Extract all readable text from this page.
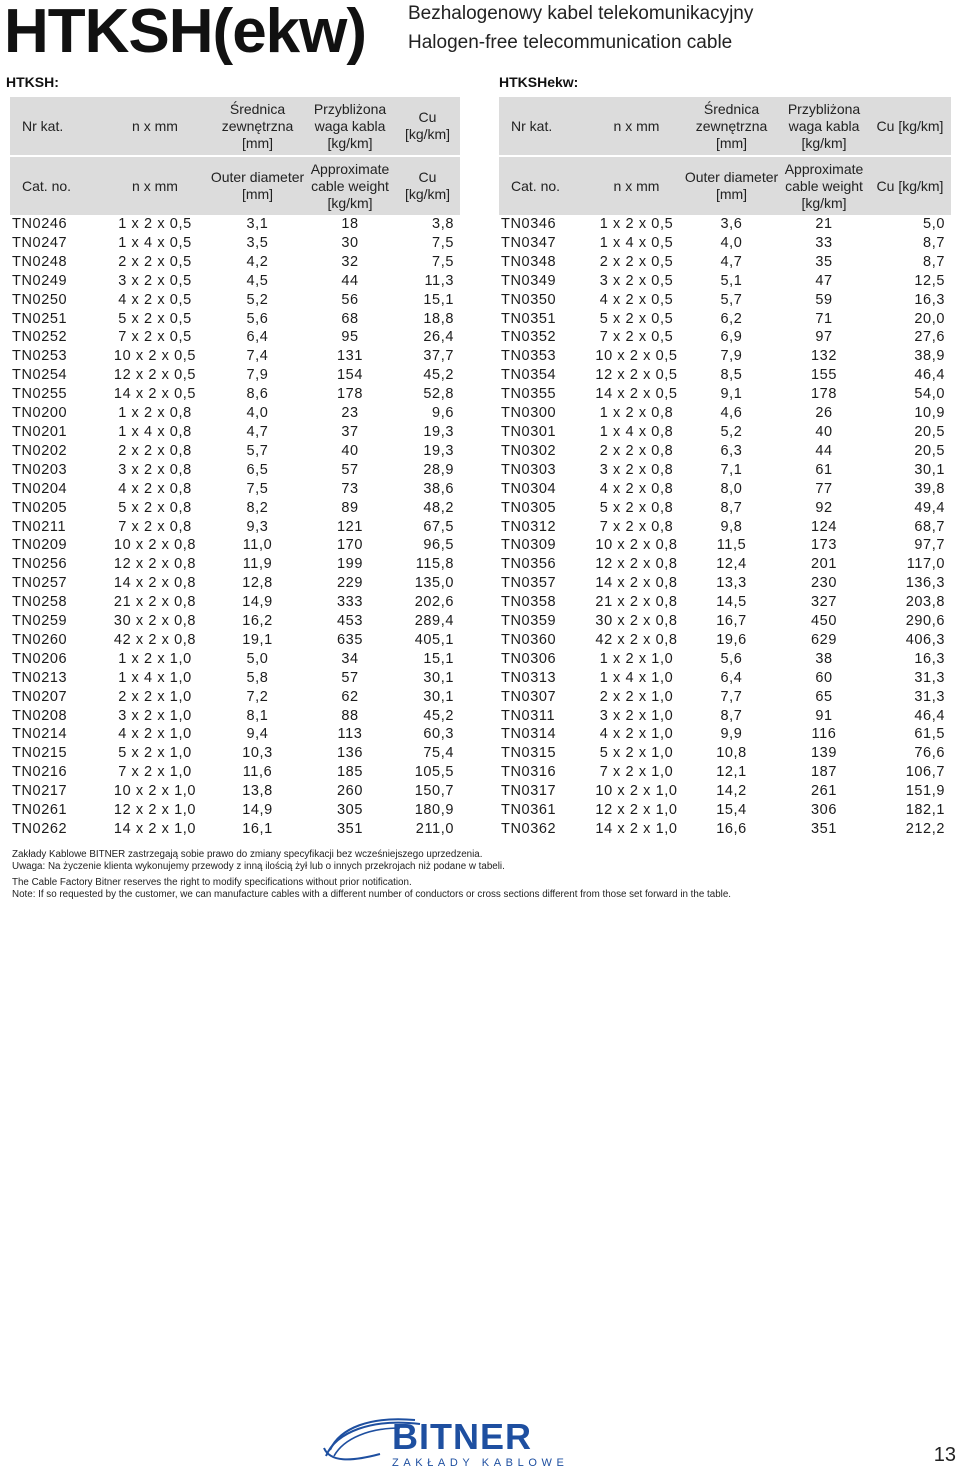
HTKSH(ekw) Bezhalogenowy kabel telekomunikacyjny
Halogen-free telecommunication cable
HTKSH:	HTKSHekw:
Nr kat.	n x mm	Średnica zewnętrzna [mm]	Przybliżona waga kabla [kg/km]	Cu [kg/km]
Cat. no.	n x mm	Outer diameter [mm]	Approximate cable weight [kg/km]	Cu [kg/km]
TN0246	1 x 2 x 0,5	3,1	18	3,8
TN0247	1 x 4 x 0,5	3,5	30	7,5
TN0248	2 x 2 x 0,5	4,2	32	7,5
TN0249	3 x 2 x 0,5	4,5	44	11,3
TN0250	4 x 2 x 0,5	5,2	56	15,1
TN0251	5 x 2 x 0,5	5,6	68	18,8
TN0252	7 x 2 x 0,5	6,4	95	26,4
TN0253	10 x 2 x 0,5	7,4	131	37,7
TN0254	12 x 2 x 0,5	7,9	154	45,2
TN0255	14 x 2 x 0,5	8,6	178	52,8
TN0200	1 x 2 x 0,8	4,0	23	9,6
TN0201	1 x 4 x 0,8	4,7	37	19,3
TN0202	2 x 2 x 0,8	5,7	40	19,3
TN0203	3 x 2 x 0,8	6,5	57	28,9
TN0204	4 x 2 x 0,8	7,5	73	38,6
TN0205	5 x 2 x 0,8	8,2	89	48,2
TN0211	7 x 2 x 0,8	9,3	121	67,5
TN0209	10 x 2 x 0,8	11,0	170	96,5
TN0256	12 x 2 x 0,8	11,9	199	115,8
TN0257	14 x 2 x 0,8	12,8	229	135,0
TN0258	21 x 2 x 0,8	14,9	333	202,6
TN0259	30 x 2 x 0,8	16,2	453	289,4
TN0260	42 x 2 x 0,8	19,1	635	405,1
TN0206	1 x 2 x 1,0	5,0	34	15,1
TN0213	1 x 4 x 1,0	5,8	57	30,1
TN0207	2 x 2 x 1,0	7,2	62	30,1
TN0208	3 x 2 x 1,0	8,1	88	45,2
TN0214	4 x 2 x 1,0	9,4	113	60,3
TN0215	5 x 2 x 1,0	10,3	136	75,4
TN0216	7 x 2 x 1,0	11,6	185	105,5
TN0217	10 x 2 x 1,0	13,8	260	150,7
TN0261	12 x 2 x 1,0	14,9	305	180,9
TN0262	14 x 2 x 1,0	16,1	351	211,0
Nr kat.	n x mm	Średnica zewnętrzna [mm]	Przybliżona waga kabla [kg/km]	Cu [kg/km]
Cat. no.	n x mm	Outer diameter [mm]	Approximate cable weight [kg/km]	Cu [kg/km]
TN0346	1 x 2 x 0,5	3,6	21	5,0
TN0347	1 x 4 x 0,5	4,0	33	8,7
TN0348	2 x 2 x 0,5	4,7	35	8,7
TN0349	3 x 2 x 0,5	5,1	47	12,5
TN0350	4 x 2 x 0,5	5,7	59	16,3
TN0351	5 x 2 x 0,5	6,2	71	20,0
TN0352	7 x 2 x 0,5	6,9	97	27,6
TN0353	10 x 2 x 0,5	7,9	132	38,9
TN0354	12 x 2 x 0,5	8,5	155	46,4
TN0355	14 x 2 x 0,5	9,1	178	54,0
TN0300	1 x 2 x 0,8	4,6	26	10,9
TN0301	1 x 4 x 0,8	5,2	40	20,5
TN0302	2 x 2 x 0,8	6,3	44	20,5
TN0303	3 x 2 x 0,8	7,1	61	30,1
TN0304	4 x 2 x 0,8	8,0	77	39,8
TN0305	5 x 2 x 0,8	8,7	92	49,4
TN0312	7 x 2 x 0,8	9,8	124	68,7
TN0309	10 x 2 x 0,8	11,5	173	97,7
TN0356	12 x 2 x 0,8	12,4	201	117,0
TN0357	14 x 2 x 0,8	13,3	230	136,3
TN0358	21 x 2 x 0,8	14,5	327	203,8
TN0359	30 x 2 x 0,8	16,7	450	290,6
TN0360	42 x 2 x 0,8	19,6	629	406,3
TN0306	1 x 2 x 1,0	5,6	38	16,3
TN0313	1 x 4 x 1,0	6,4	60	31,3
TN0307	2 x 2 x 1,0	7,7	65	31,3
TN0311	3 x 2 x 1,0	8,7	91	46,4
TN0314	4 x 2 x 1,0	9,9	116	61,5
TN0315	5 x 2 x 1,0	10,8	139	76,6
TN0316	7 x 2 x 1,0	12,1	187	106,7
TN0317	10 x 2 x 1,0	14,2	261	151,9
TN0361	12 x 2 x 1,0	15,4	306	182,1
TN0362	14 x 2 x 1,0	16,6	351	212,2
Zakłady Kablowe BITNER zastrzegają sobie prawo do zmiany specyfikacji bez wcześniejszego uprzedzenia.
Uwaga: Na życzenie klienta wykonujemy przewody z inną ilością żył lub o innych przekrojach niż podane w tabeli.
The Cable Factory Bitner reserves the right to modify specifications without prior notification.
Note: If so requested by the customer, we can manufacture cables with a different number of conductors or cross sections different from those set forward in the table.
BITNER
ZAKŁADY KABLOWE	13
